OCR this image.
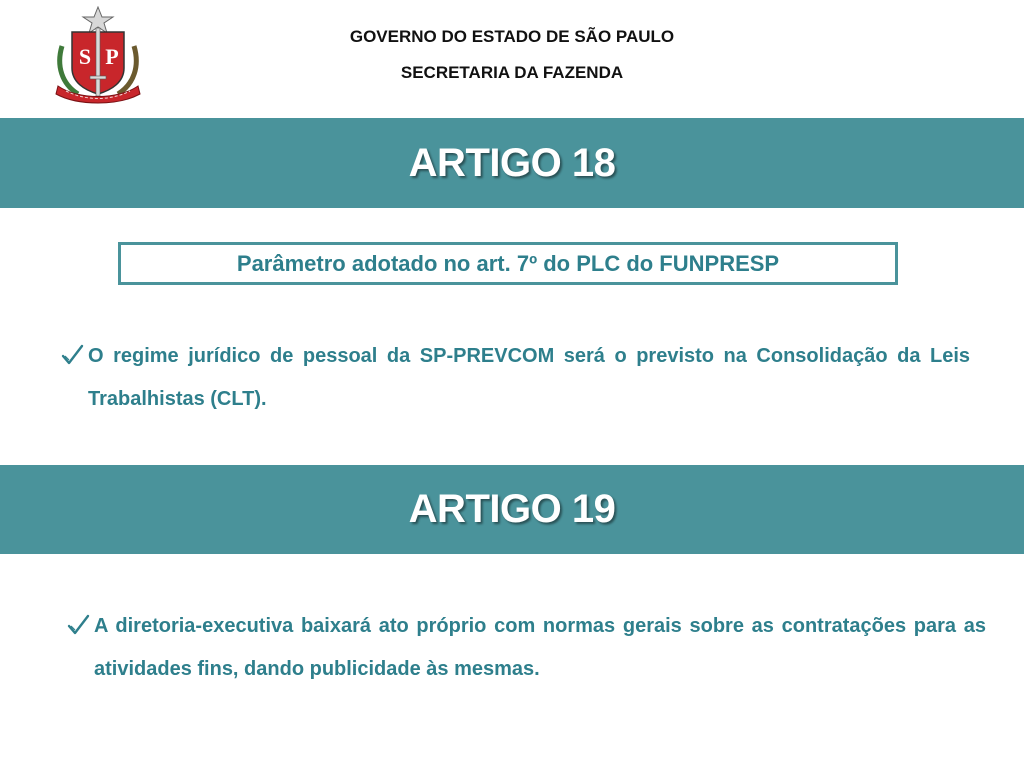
S P
GOVERNO DO ESTADO DE SÃO PAULO
SECRETARIA DA FAZENDA
ARTIGO 18
Parâmetro adotado no art. 7º do PLC do FUNPRESP
O regime jurídico de pessoal da SP-PREVCOM será o previsto na Consolidação da Leis Trabalhistas (CLT).
ARTIGO 19
A diretoria-executiva baixará ato próprio com normas gerais sobre as contratações para as atividades fins, dando publicidade às mesmas.
